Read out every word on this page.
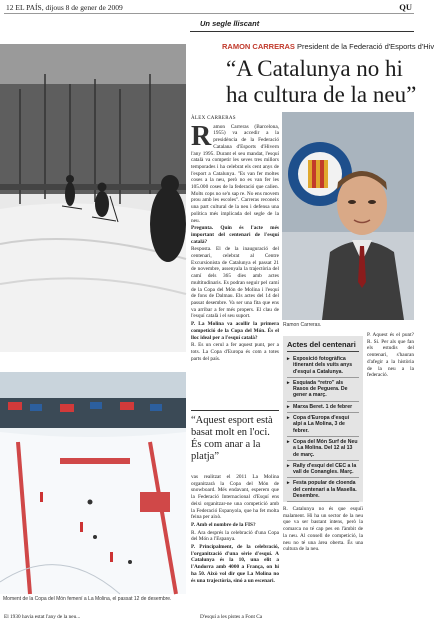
12 EL PAÍS, dijous 8 de gener de 2009	QU
Un segle lliscant
Moment de la Copa del Món femení a La Molina, el passat 12 de desembre.
RAMON CARRERAS President de la Federació d'Esports d'Hiv
“A Catalunya no hi
ha cultura de la neu”
Ramon Carreras.

ÀLEX CARRERAS

Ramon Carreras (Barcelona, 1955) va accedir a la presidència de la Federació Catalana d'Esports d'Hivern l'any 1995. Durant el seu mandat, l'esquí català va competir les seves tres millors temporades i ha celebrat els cent anys de l'esport a Catalunya. "Es van fer moltes coses a la neu, però no es van fer les 105.000 coses de la federació que calien. Molts cops no se'n sap re. No ens movem prou amb les escoles". Carreras reconeix una part cultural de la neu i defensa una política més implicada del segle de la neu.

Pregunta. Quin és l'acte més important del centenari de l'esquí català?

Resposta. El de la inauguració del centenari, celebrat al Centre Excursionista de Catalunya el passat 21 de novembre, assenyala la trajectòria del camí dels 365 dies amb actes multitudinaris. Es podran seguir pel camí de la Copa del Món de Molina i l'esquí de fons de Dalmau. Els actes del 14 del passat desembre. Va ser una fita que ens va arribar a fer més propers. El clau de l'esquí català i el seu suport.

P. La Molina va acollir la primera competició de la Copa del Món. És el lloc ideal per a l'esquí català?

R. Es un cerul a fer aquest punt, per a tots. La Copa d'Europa és com a totes parts del país.

“Aquest esport està basat molt en l'oci. És com anar a la platja”

vas realitzat el 2011 La Molina organitzarà la Copa del Món de snowboard. Més endavant, esperem que la Federació Internacional d'Esquí ens deixi organitzar-ne una competició amb la Federació Espanyola, que ha fet molta feina per això.

P. Amb el nombre de la FIS?

R. Ara després la celebració d'una Copa del Món a l'Espanya.

P. Principalment, de la celebració, l'organització d'una sèrie d'esquí. A Catalunya és la 10, una elit a l'Andorra amb 4000 a França, on hi ha 50. Això vol dir que La Molina no és una trajectòria, sinó a un escenari.

Actes del centenari
▸ Exposició fotogràfica itinerant dels vuits anys d'esquí a Catalunya.
▸ Esquiada “retro” als Rasos de Peguera. De gener a març.
▸ Marxa Beret. 1 de febrer
▸ Copa d'Europa d'esquí alpí a La Molina, 3 de febrer.
▸ Copa del Món Surf de Neu a La Molina. Del 12 al 13 de març.
▸ Rally d'esquí del CEC a la vall de Conangles. Març.
▸ Festa popular de cloenda del centenari a la Masella. Desembre.

R. Catalunya no és que esquiï malament. Hi ha un sector de la neu que va ser bastant intens, però la comarca no té cap pes en l'àmbit de la neu. Al consell de competició, la neu no té una àrea oberta. És una cultura de la neu.

P. Aquest és el punt? R. Si. Per als que fan els estudis del centenari, s'hauran d'afegir a la història de la neu a la federació.

El 1930 havia estat l'any de la neu...	D'esquí a les pistes a Font Ca
